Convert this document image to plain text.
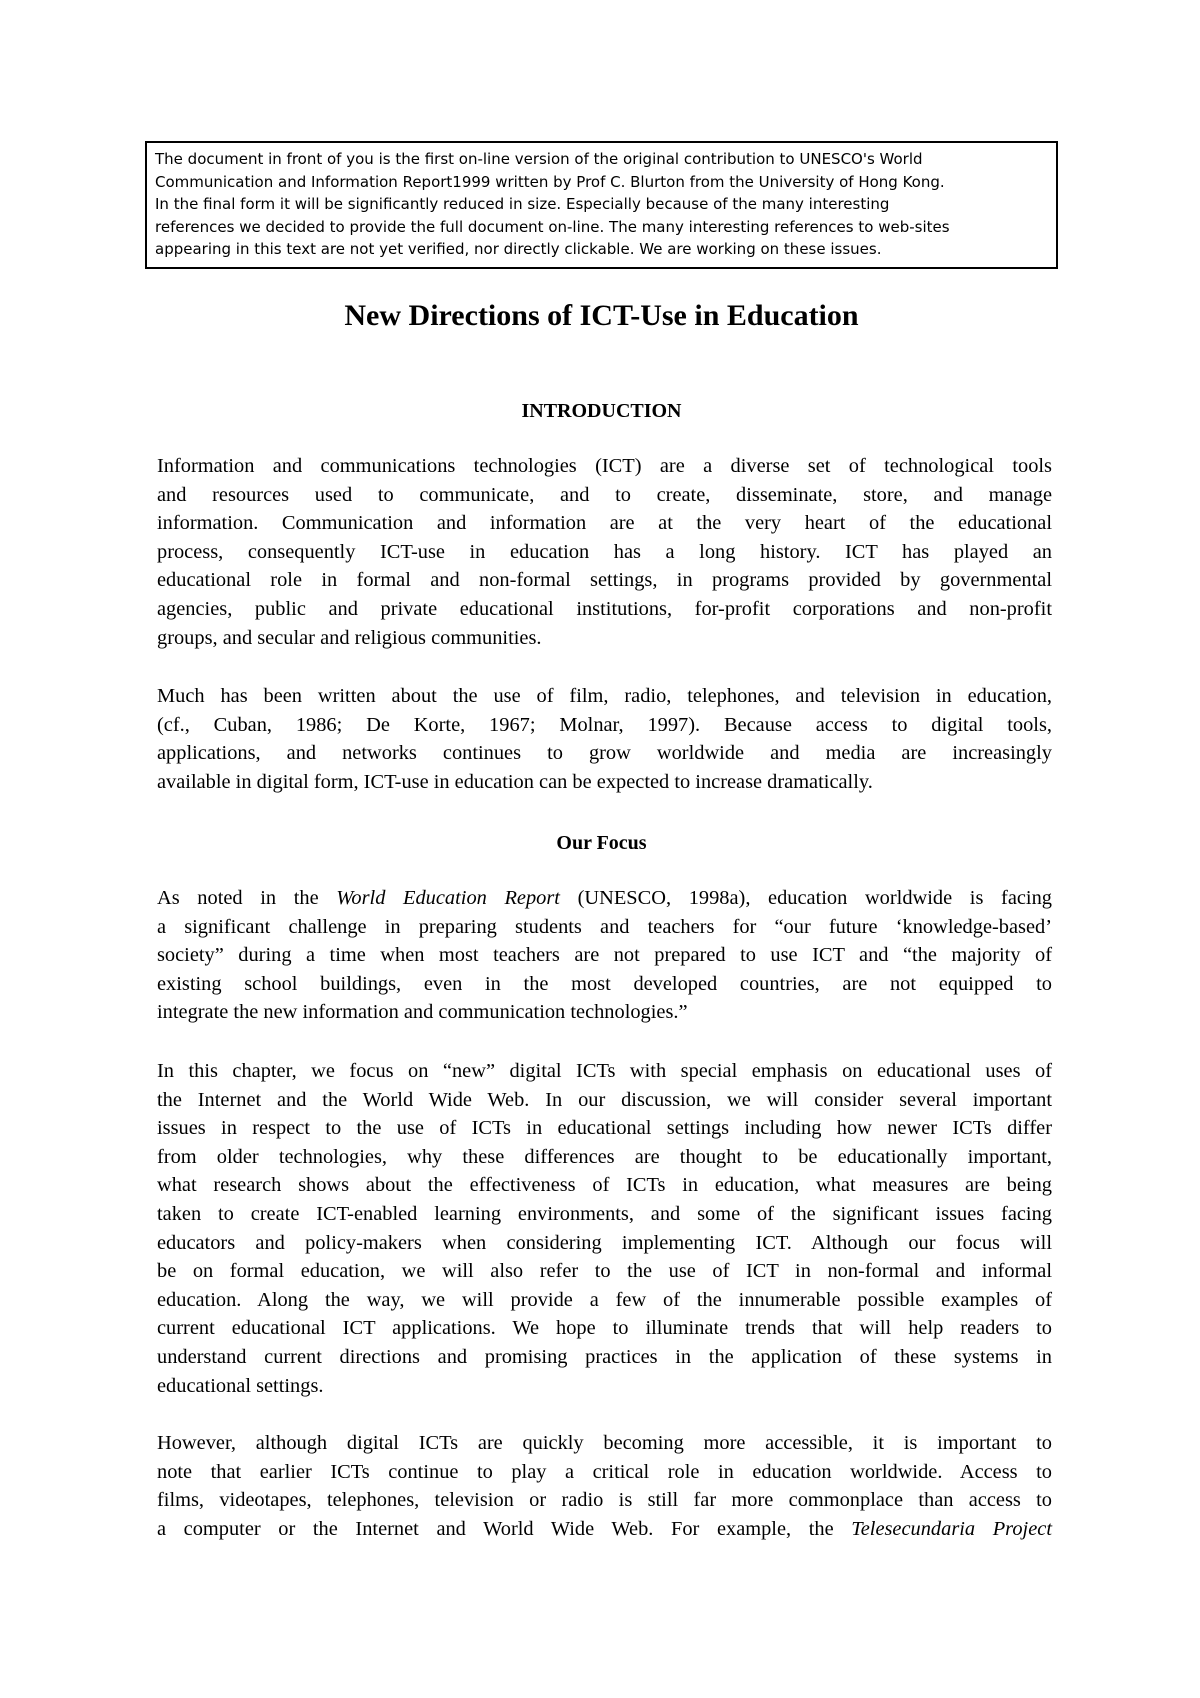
The document in front of you is the first on-line version of the original contribution to UNESCO's World
Communication and Information Report1999 written by Prof C. Blurton from the University of Hong Kong.
In the final form it will be significantly reduced in size. Especially because of the many interesting
references we decided to provide the full document on-line. The many interesting references to web-sites
appearing in this text are not yet verified, nor directly clickable. We are working on these issues.
New Directions of ICT-Use in Education
INTRODUCTION
Information and communications technologies (ICT) are a diverse set of technological tools
and resources used to communicate, and to create, disseminate, store, and manage
information. Communication and information are at the very heart of the educational
process, consequently ICT-use in education has a long history. ICT has played an
educational role in formal and non-formal settings, in programs provided by governmental
agencies, public and private educational institutions, for-profit corporations and non-profit
groups, and secular and religious communities.
Much has been written about the use of film, radio, telephones, and television in education,
(cf., Cuban, 1986; De Korte, 1967; Molnar, 1997). Because access to digital tools,
applications, and networks continues to grow worldwide and media are increasingly
available in digital form, ICT-use in education can be expected to increase dramatically.
Our Focus
As noted in the World Education Report (UNESCO, 1998a), education worldwide is facing
a significant challenge in preparing students and teachers for “our future ‘knowledge-based’
society” during a time when most teachers are not prepared to use ICT and “the majority of
existing school buildings, even in the most developed countries, are not equipped to
integrate the new information and communication technologies.”
In this chapter, we focus on “new” digital ICTs with special emphasis on educational uses of
the Internet and the World Wide Web. In our discussion, we will consider several important
issues in respect to the use of ICTs in educational settings including how newer ICTs differ
from older technologies, why these differences are thought to be educationally important,
what research shows about the effectiveness of ICTs in education, what measures are being
taken to create ICT-enabled learning environments, and some of the significant issues facing
educators and policy-makers when considering implementing ICT. Although our focus will
be on formal education, we will also refer to the use of ICT in non-formal and informal
education. Along the way, we will provide a few of the innumerable possible examples of
current educational ICT applications. We hope to illuminate trends that will help readers to
understand current directions and promising practices in the application of these systems in
educational settings.
However, although digital ICTs are quickly becoming more accessible, it is important to
note that earlier ICTs continue to play a critical role in education worldwide. Access to
films, videotapes, telephones, television or radio is still far more commonplace than access to
a computer or the Internet and World Wide Web. For example, the Telesecundaria Project
